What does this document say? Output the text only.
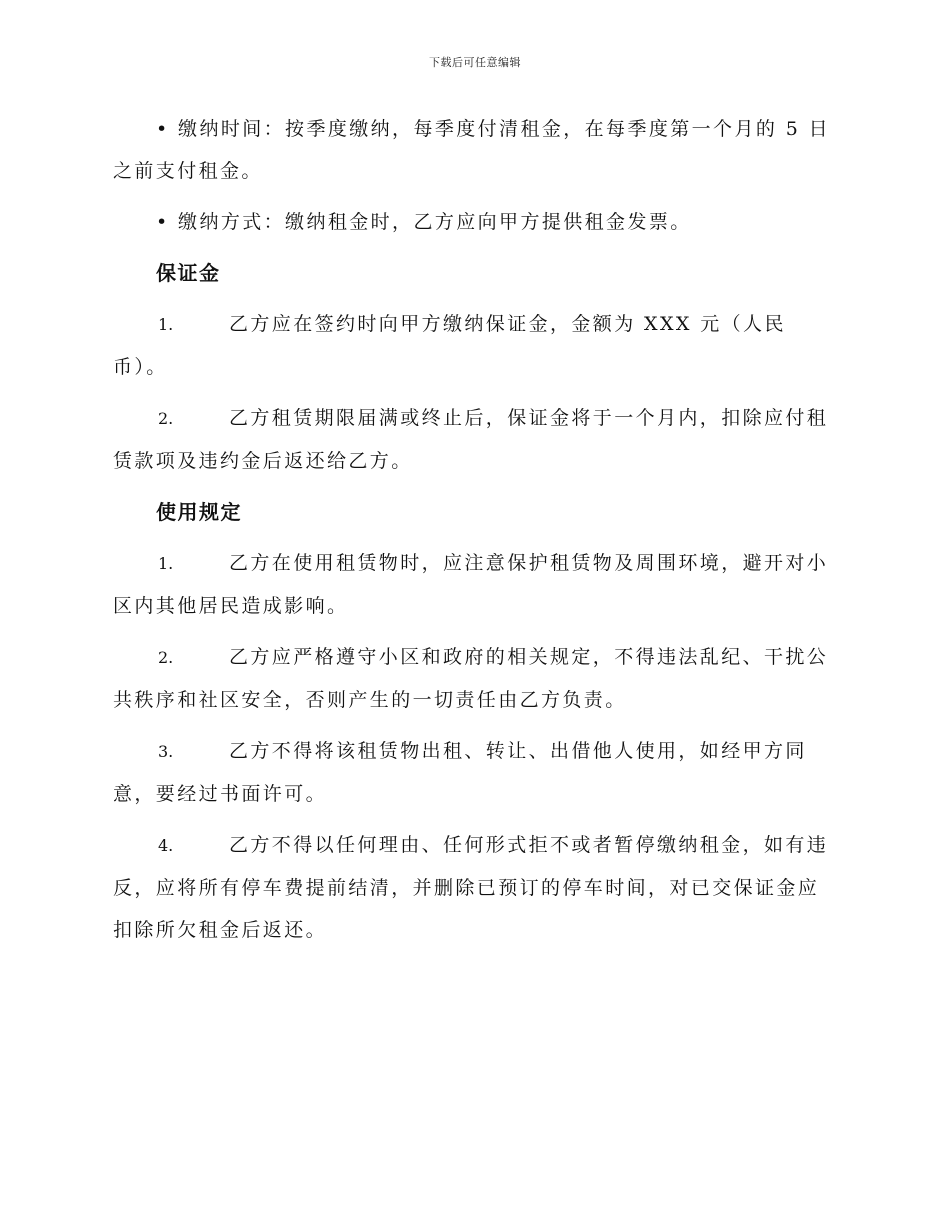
下载后可任意编辑

• 缴纳时间：按季度缴纳，每季度付清租金，在每季度第一个月的 5 日之前支付租金。

• 缴纳方式：缴纳租金时，乙方应向甲方提供租金发票。

保证金

1.	乙方应在签约时向甲方缴纳保证金，金额为 XXX 元（人民币）。

2.	乙方租赁期限届满或终止后，保证金将于一个月内，扣除应付租赁款项及违约金后返还给乙方。

使用规定

1.	乙方在使用租赁物时，应注意保护租赁物及周围环境，避开对小区内其他居民造成影响。

2.	乙方应严格遵守小区和政府的相关规定，不得违法乱纪、干扰公共秩序和社区安全，否则产生的一切责任由乙方负责。

3.	乙方不得将该租赁物出租、转让、出借他人使用，如经甲方同意，要经过书面许可。

4.	乙方不得以任何理由、任何形式拒不或者暂停缴纳租金，如有违反，应将所有停车费提前结清，并删除已预订的停车时间，对已交保证金应扣除所欠租金后返还。
